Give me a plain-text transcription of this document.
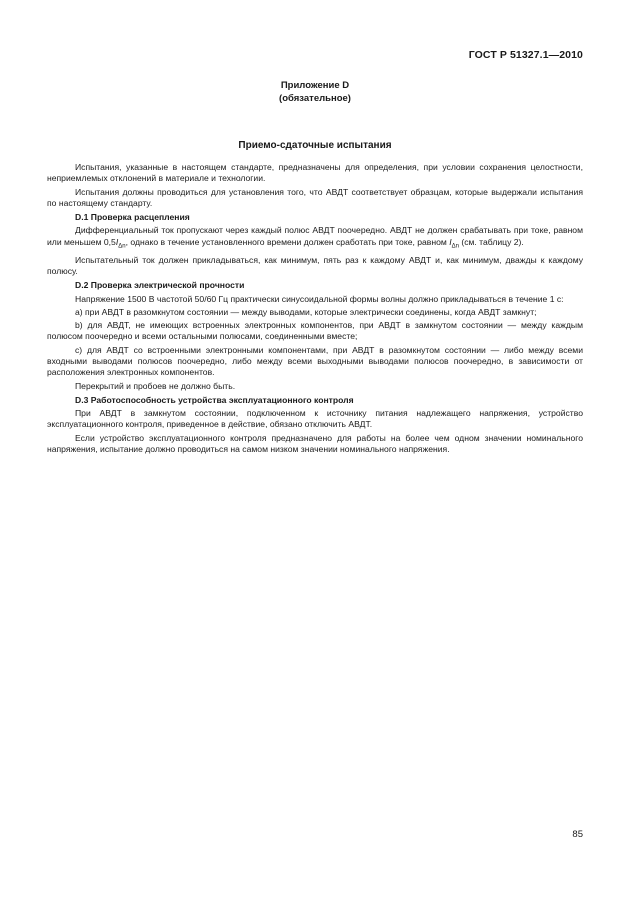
ГОСТ Р 51327.1—2010
Приложение D
(обязательное)
Приемо-сдаточные испытания

Испытания, указанные в настоящем стандарте, предназначены для определения, при условии сохранения целостности, неприемлемых отклонений в материале и технологии.

Испытания должны проводиться для установления того, что АВДТ соответствует образцам, которые выдержали испытания по настоящему стандарту.

D.1 Проверка расцепления

Дифференциальный ток пропускают через каждый полюс АВДТ поочередно. АВДТ не должен срабатывать при токе, равном или меньшем $0,5I_{\Delta n}$, однако в течение установленного времени должен сработать при токе, равном $I_{\Delta n}$ (см. таблицу 2).

Испытательный ток должен прикладываться, как минимум, пять раз к каждому АВДТ и, как минимум, дважды к каждому полюсу.

D.2 Проверка электрической прочности

Напряжение 1500 В частотой 50/60 Гц практически синусоидальной формы волны должно прикладываться в течение 1 с:

a) при АВДТ в разомкнутом состоянии — между выводами, которые электрически соединены, когда АВДТ замкнут;

b) для АВДТ, не имеющих встроенных электронных компонентов, при АВДТ в замкнутом состоянии — между каждым полюсом поочередно и всеми остальными полюсами, соединенными вместе;

c) для АВДТ со встроенными электронными компонентами, при АВДТ в разомкнутом состоянии — либо между всеми входными выводами полюсов поочередно, либо между всеми выходными выводами полюсов поочередно, в зависимости от расположения электронных компонентов.

Перекрытий и пробоев не должно быть.

D.3 Работоспособность устройства эксплуатационного контроля

При АВДТ в замкнутом состоянии, подключенном к источнику питания надлежащего напряжения, устройство эксплуатационного контроля, приведенное в действие, обязано отключить АВДТ.

Если устройство эксплуатационного контроля предназначено для работы на более чем одном значении номинального напряжения, испытание должно проводиться на самом низком значении номинального напряжения.

85
